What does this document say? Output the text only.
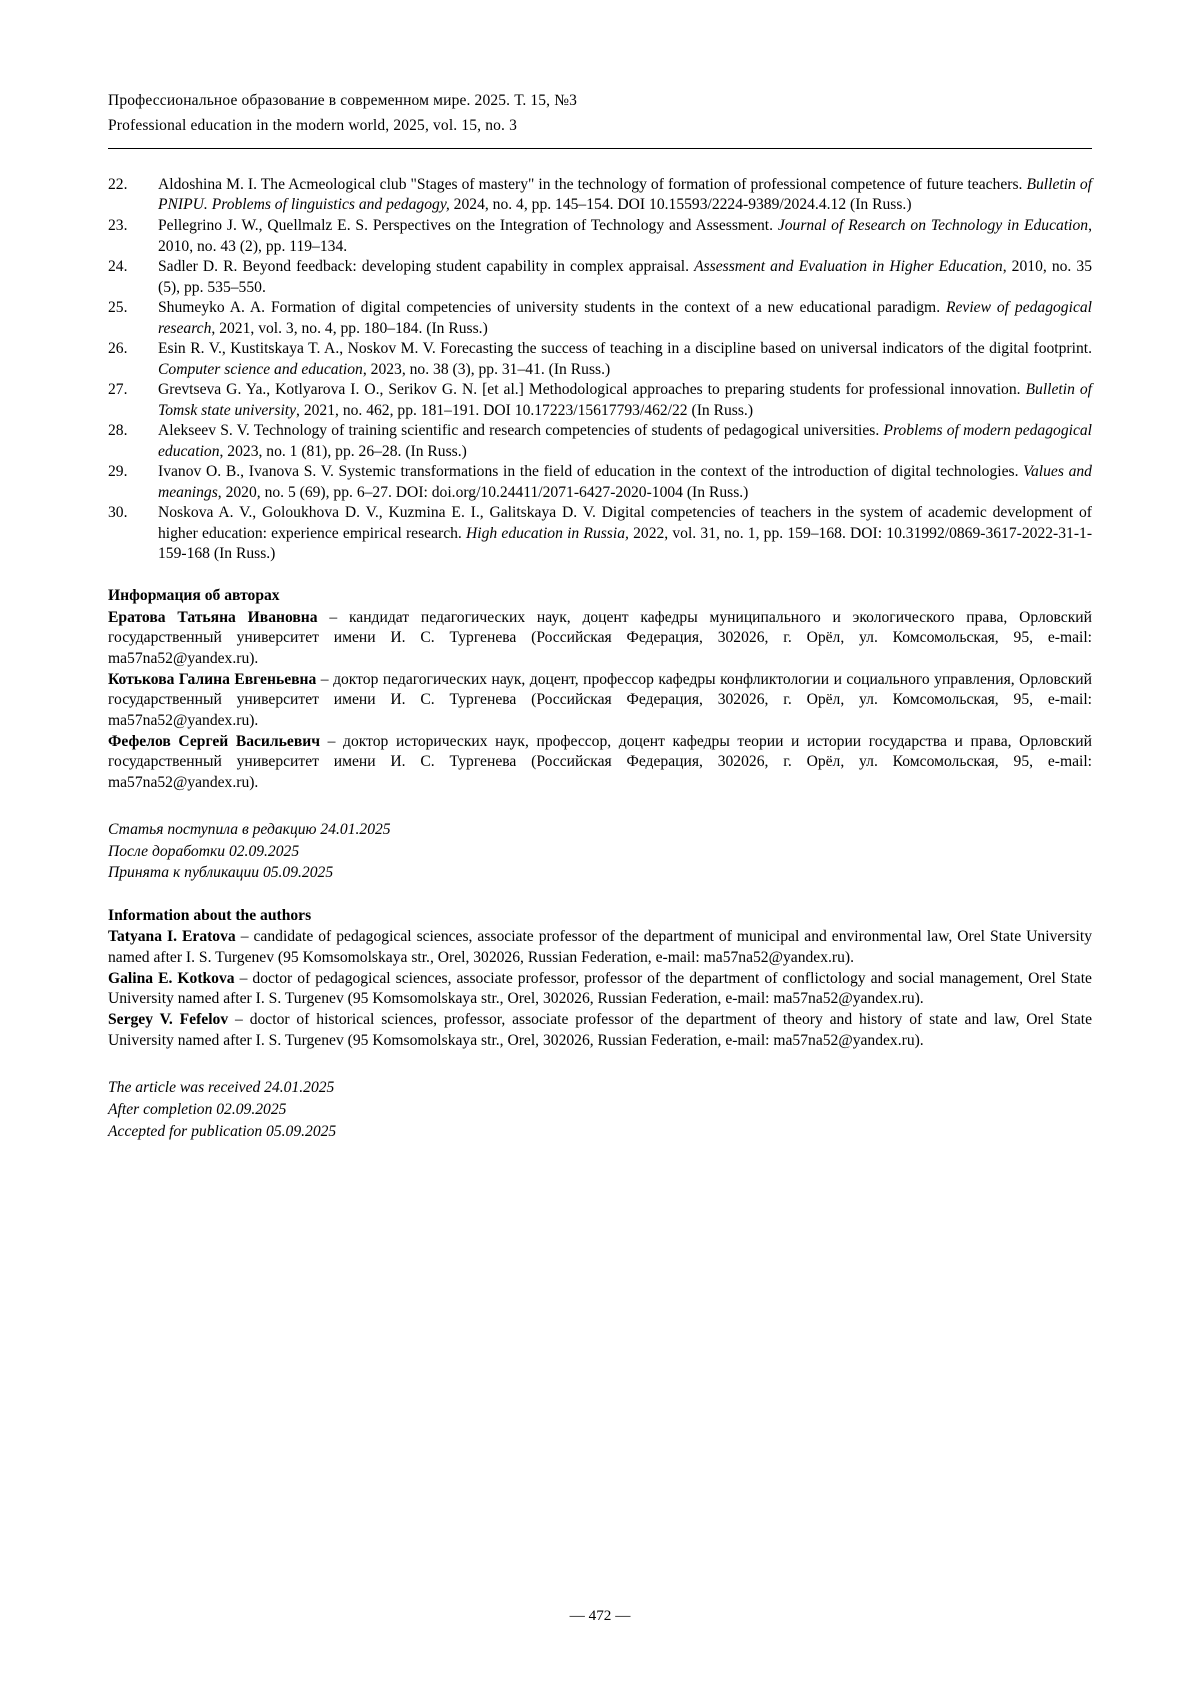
Профессиональное образование в современном мире. 2025. Т. 15, №3
Professional education in the modern world, 2025, vol. 15, no. 3
22.	Aldoshina M. I. The Acmeological club "Stages of mastery" in the technology of formation of professional competence of future teachers. Bulletin of PNIPU. Problems of linguistics and pedagogy, 2024, no. 4, pp. 145–154. DOI 10.15593/2224-9389/2024.4.12 (In Russ.)
23.	Pellegrino J. W., Quellmalz E. S. Perspectives on the Integration of Technology and Assessment. Journal of Research on Technology in Education, 2010, no. 43 (2), pp. 119–134.
24.	Sadler D. R. Beyond feedback: developing student capability in complex appraisal. Assessment and Evaluation in Higher Education, 2010, no. 35 (5), pp. 535–550.
25.	Shumeyko A. A. Formation of digital competencies of university students in the context of a new educational paradigm. Review of pedagogical research, 2021, vol. 3, no. 4, pp. 180–184. (In Russ.)
26.	Esin R. V., Kustitskaya T. A., Noskov M. V. Forecasting the success of teaching in a discipline based on universal indicators of the digital footprint. Computer science and education, 2023, no. 38 (3), pp. 31–41. (In Russ.)
27.	Grevtseva G. Ya., Kotlyarova I. O., Serikov G. N. [et al.] Methodological approaches to preparing students for professional innovation. Bulletin of Tomsk state university, 2021, no. 462, pp. 181–191. DOI 10.17223/15617793/462/22 (In Russ.)
28.	Alekseev S. V. Technology of training scientific and research competencies of students of pedagogical universities. Problems of modern pedagogical education, 2023, no. 1 (81), pp. 26–28. (In Russ.)
29.	Ivanov O. B., Ivanova S. V. Systemic transformations in the field of education in the context of the introduction of digital technologies. Values and meanings, 2020, no. 5 (69), pp. 6–27. DOI: doi.org/10.24411/2071-6427-2020-1004 (In Russ.)
30.	Noskova A. V., Goloukhova D. V., Kuzmina E. I., Galitskaya D. V. Digital competencies of teachers in the system of academic development of higher education: experience empirical research. High education in Russia, 2022, vol. 31, no. 1, pp. 159–168. DOI: 10.31992/0869-3617-2022-31-1-159-168 (In Russ.)
Информация об авторах

Ератова Татьяна Ивановна – кандидат педагогических наук, доцент кафедры муниципального и экологического права, Орловский государственный университет имени И. С. Тургенева (Российская Федерация, 302026, г. Орёл, ул. Комсомольская, 95, e-mail: ma57na52@yandex.ru).

Котькова Галина Евгеньевна – доктор педагогических наук, доцент, профессор кафедры конфликтологии и социального управления, Орловский государственный университет имени И. С. Тургенева (Российская Федерация, 302026, г. Орёл, ул. Комсомольская, 95, e-mail: ma57na52@yandex.ru).

Фефелов Сергей Васильевич – доктор исторических наук, профессор, доцент кафедры теории и истории государства и права, Орловский государственный университет имени И. С. Тургенева (Российская Федерация, 302026, г. Орёл, ул. Комсомольская, 95, e-mail: ma57na52@yandex.ru).

Статья поступила в редакцию 24.01.2025
После доработки 02.09.2025
Принята к публикации 05.09.2025
Information about the authors

Tatyana I. Eratova – candidate of pedagogical sciences, associate professor of the department of municipal and environmental law, Orel State University named after I. S. Turgenev (95 Komsomolskaya str., Orel, 302026, Russian Federation, e-mail: ma57na52@yandex.ru).

Galina E. Kotkova – doctor of pedagogical sciences, associate professor, professor of the department of conflictology and social management, Orel State University named after I. S. Turgenev (95 Komsomolskaya str., Orel, 302026, Russian Federation, e-mail: ma57na52@yandex.ru).

Sergey V. Fefelov – doctor of historical sciences, professor, associate professor of the department of theory and history of state and law, Orel State University named after I. S. Turgenev (95 Komsomolskaya str., Orel, 302026, Russian Federation, e-mail: ma57na52@yandex.ru).

The article was received 24.01.2025
After completion 02.09.2025
Accepted for publication 05.09.2025
— 472 —
